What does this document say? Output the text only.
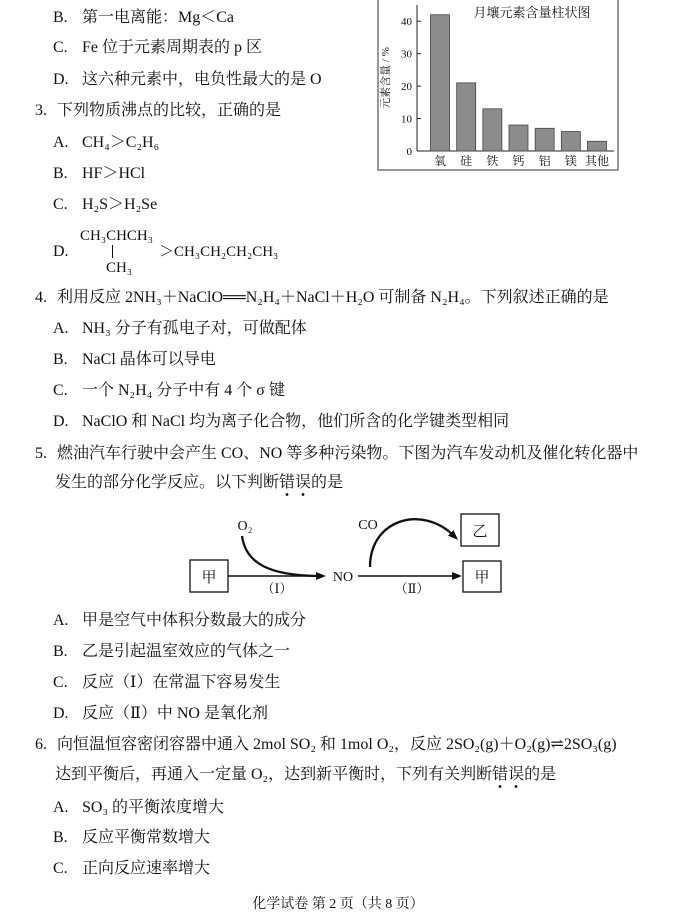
B. 第一电离能：Mg＜Ca
C. Fe 位于元素周期表的 p 区
D. 这六种元素中，电负性最大的是 O
3. 下列物质沸点的比较，正确的是
A. CH₄＞C₂H₆
B. HF＞HCl
C. H₂S＞H₂Se
D.
CH₃CHCH₃
CH₃
＞CH₃CH₂CH₂CH₃
4. 利用反应 2NH₃＋NaClO══N₂H₄＋NaCl＋H₂O 可制备 N₂H₄。下列叙述正确的是
A. NH₃ 分子有孤电子对，可做配体
B. NaCl 晶体可以导电
C. 一个 N₂H₄ 分子中有 4 个 σ 键
D. NaClO 和 NaCl 均为离子化合物，他们所含的化学键类型相同
5. 燃油汽车行驶中会产生 CO、NO 等多种污染物。下图为汽车发动机及催化转化器中
发生的部分化学反应。以下判断错误的是
甲
（Ⅰ）
O₂
NO
（Ⅱ）
CO	乙
甲
A. 甲是空气中体积分数最大的成分
B. 乙是引起温室效应的气体之一
C. 反应（Ⅰ）在常温下容易发生
D. 反应（Ⅱ）中 NO 是氧化剂
6. 向恒温恒容密闭容器中通入 2mol SO₂ 和 1mol O₂，反应 2SO₂(g)＋O₂(g)⇌2SO₃(g)
达到平衡后，再通入一定量 O₂，达到新平衡时，下列有关判断错误的是
A. SO₃ 的平衡浓度增大
B. 反应平衡常数增大
C. 正向反应速率增大
月壤元素含量柱状图
元素含量 / %
0
10
20
30
40
氧 硅 铁 钙 铝 镁 其他
化学试卷 第 2 页（共 8 页）
